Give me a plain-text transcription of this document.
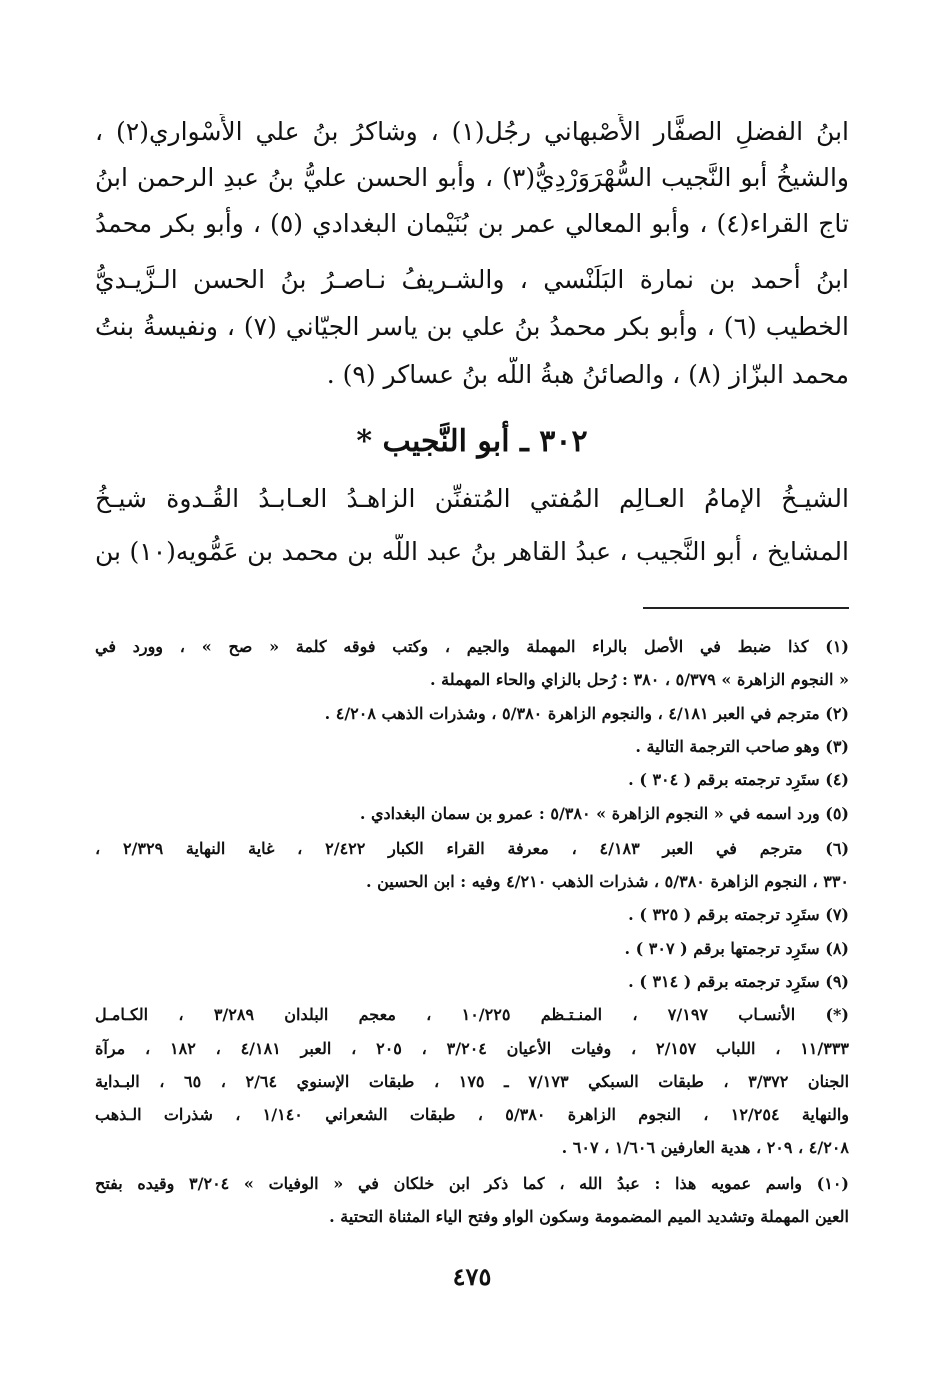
ابنُ الفضلِ الصفَّار الأَصْبهاني رجُل(١) ، وشاكرُ بنُ علي الأَسْواري(٢) ،
والشيخُ أبو النَّجيب السُّهْرَوَرْدِيُّ(٣) ، وأبو الحسن عليُّ بنُ عبدِ الرحمن ابنُ
تاج القراء(٤) ، وأبو المعالي عمر بن بُنَيْمان البغدادي (٥) ، وأبو بكر محمدُ
ابنُ أحمد بن نمارة البَلَنْسي ، والشـريفُ نـاصـرُ بنُ الحسن الـزَّيـديُّ
الخطيب (٦) ، وأبو بكر محمدُ بنُ علي بن ياسر الجيّاني (٧) ، ونفيسةُ بنتُ
محمد البزّاز (٨) ، والصائنُ هبةُ اللّه بنُ عساكر (٩) .
٣٠٢ ـ أبو النَّجيب *
الشيـخُ الإمامُ العـالِم المُفتي المُتفنِّن الزاهـدُ العـابـدُ القُـدوة شيـخُ
المشايخ ، أبو النَّجيب ، عبدُ القاهر بنُ عبد اللّه بن محمد بن عَمُّويه(١٠) بن
(١) كذا ضبط في الأصل بالراء المهملة والجيم ، وكتب فوقه كلمة « صح » ، وورد في
« النجوم الزاهرة » ٥/٣٧٩ ، ٣٨٠ : رُحل بالزاي والحاء المهملة .
(٢) مترجم في العبر ٤/١٨١ ، والنجوم الزاهرة ٥/٣٨٠ ، وشذرات الذهب ٤/٢٠٨ .
(٣) وهو صاحب الترجمة التالية .
(٤) ستَرِد ترجمته برقم ( ٣٠٤ ) .
(٥) ورد اسمه في « النجوم الزاهرة » ٥/٣٨٠ : عمرو بن سمان البغدادي .
(٦) مترجم في العبر ٤/١٨٣ ، معرفة القراء الكبار ٢/٤٢٢ ، غاية النهاية ٢/٣٢٩ ،
٣٣٠ ، النجوم الزاهرة ٥/٣٨٠ ، شذرات الذهب ٤/٢١٠ وفيه : ابن الحسين .
(٧) ستَرِد ترجمته برقم ( ٣٢٥ ) .
(٨) ستَرِد ترجمتها برقم ( ٣٠٧ ) .
(٩) ستَرِد ترجمته برقم ( ٣١٤ ) .
(*) الأنسـاب ٧/١٩٧ ، المنـتـظم ١٠/٢٢٥ ، معجم البلدان ٣/٢٨٩ ، الكـامـل
١١/٣٣٣ ، اللباب ٢/١٥٧ ، وفيات الأعيان ٣/٢٠٤ ، ٢٠٥ ، العبر ٤/١٨١ ، ١٨٢ ، مرآة
الجنان ٣/٣٧٢ ، طبقات السبكي ٧/١٧٣ ـ ١٧٥ ، طبقات الإسنوي ٢/٦٤ ، ٦٥ ، البـداية
والنهاية ١٢/٢٥٤ ، النجوم الزاهرة ٥/٣٨٠ ، طبقات الشعراني ١/١٤٠ ، شذرات الـذهب
٤/٢٠٨ ، ٢٠٩ ، هدية العارفين ١/٦٠٦ ، ٦٠٧ .
(١٠) واسم عمويه هذا : عبدُ الله ، كما ذكر ابن خلكان في « الوفيات » ٣/٢٠٤ وقيده بفتح
العين المهملة وتشديد الميم المضمومة وسكون الواو وفتح الياء المثناة التحتية .
٤٧٥
